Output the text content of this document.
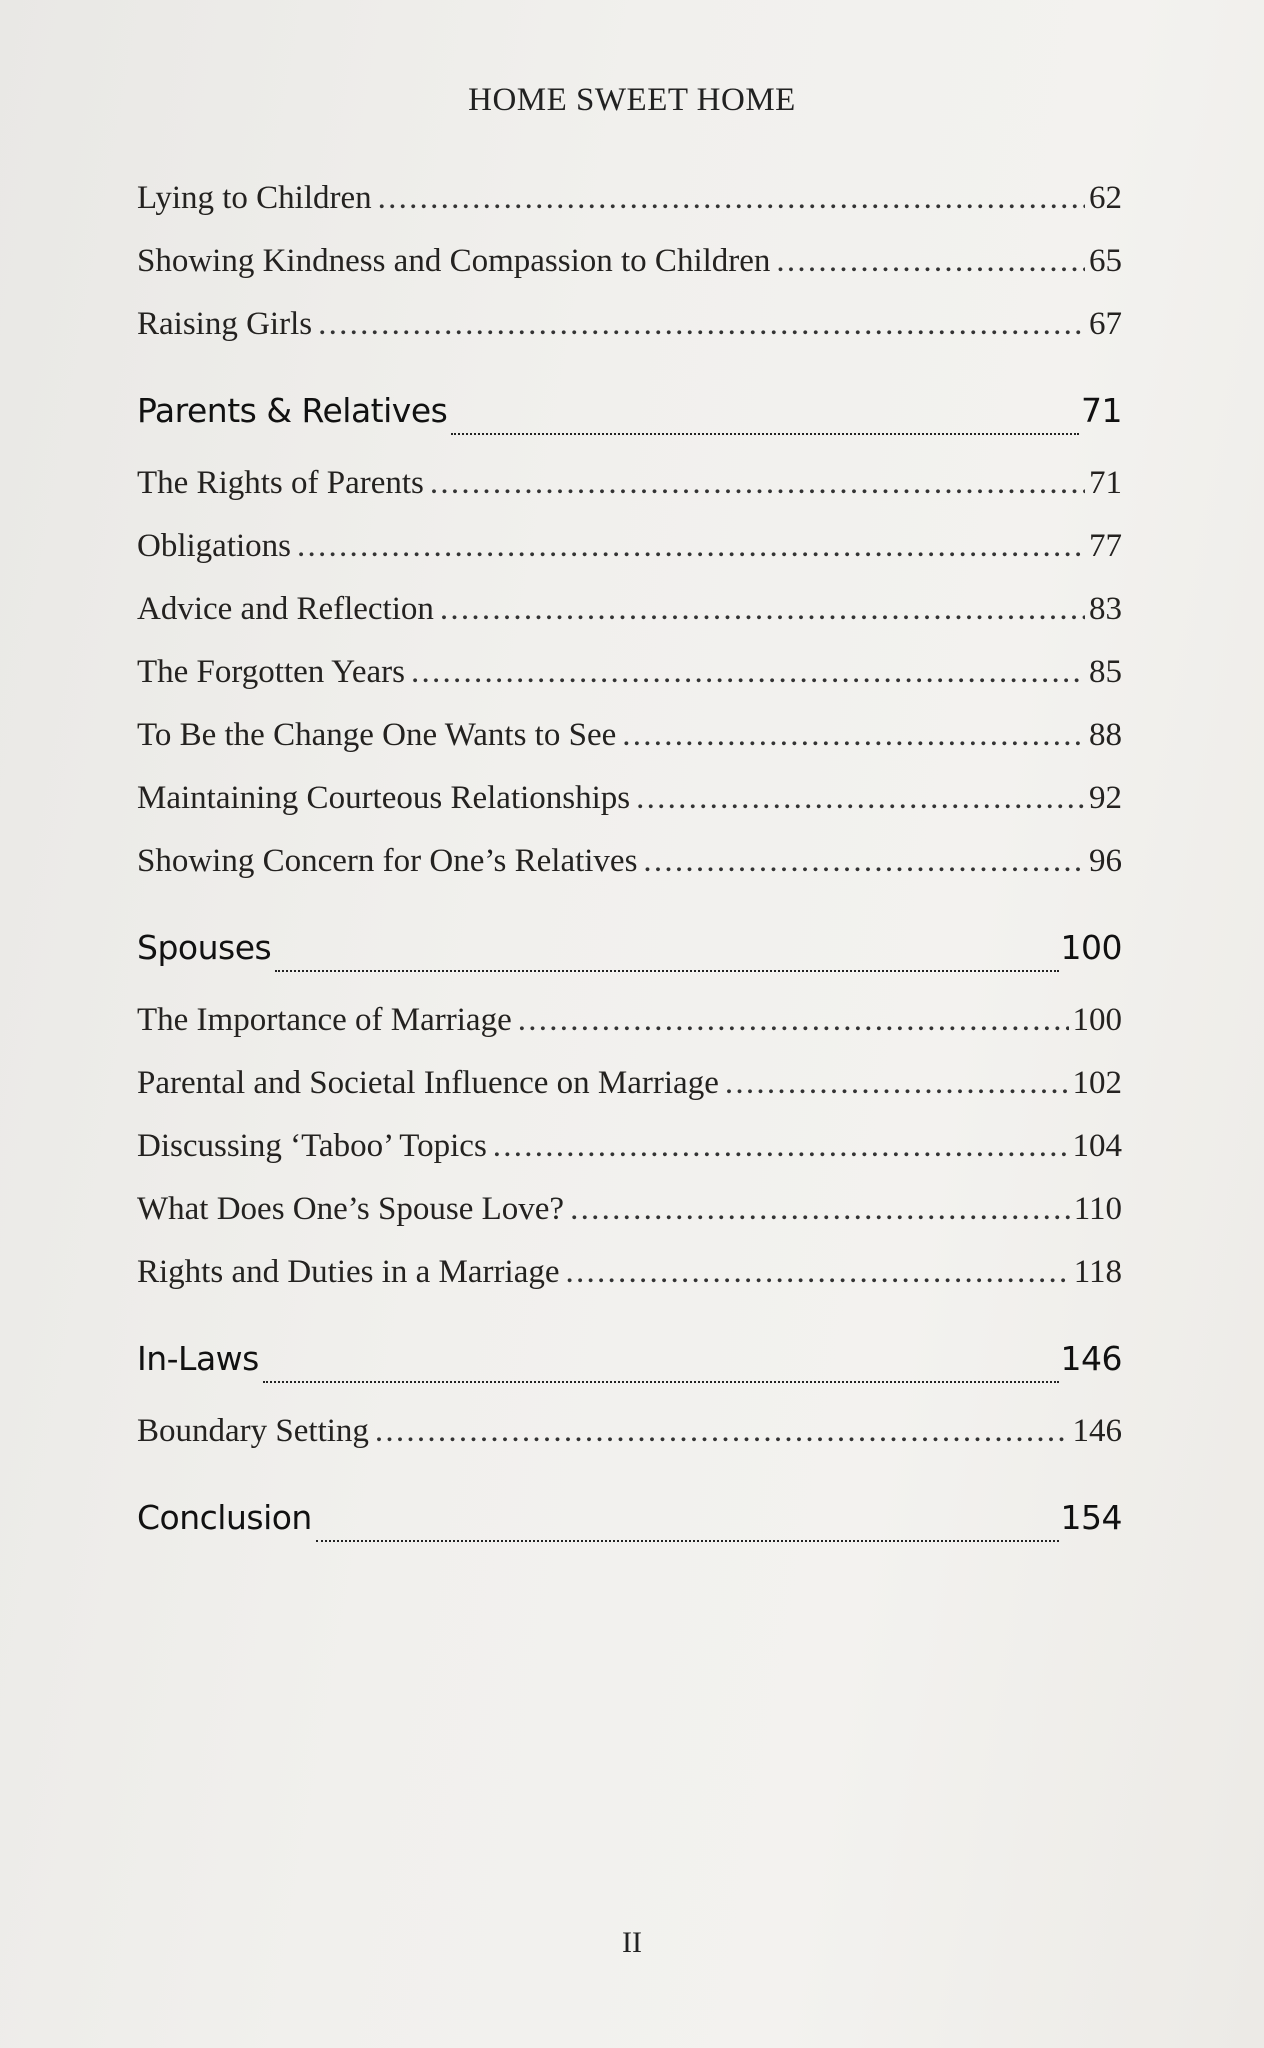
HOME SWEET HOME
Lying to Children . . .	62
Showing Kindness and Compassion to Children . . .	65
Raising Girls . . .	67
Parents & Relatives	71
The Rights of Parents . . .	71
Obligations . . .	77
Advice and Reflection . . .	83
The Forgotten Years . . .	85
To Be the Change One Wants to See . . .	88
Maintaining Courteous Relationships . . .	92
Showing Concern for One’s Relatives . . .	96
Spouses	100
The Importance of Marriage . . .	100
Parental and Societal Influence on Marriage . . .	102
Discussing ‘Taboo’ Topics . . .	104
What Does One’s Spouse Love? . . .	110
Rights and Duties in a Marriage . . .	118
In-Laws	146
Boundary Setting . . .	146
Conclusion	154
II
